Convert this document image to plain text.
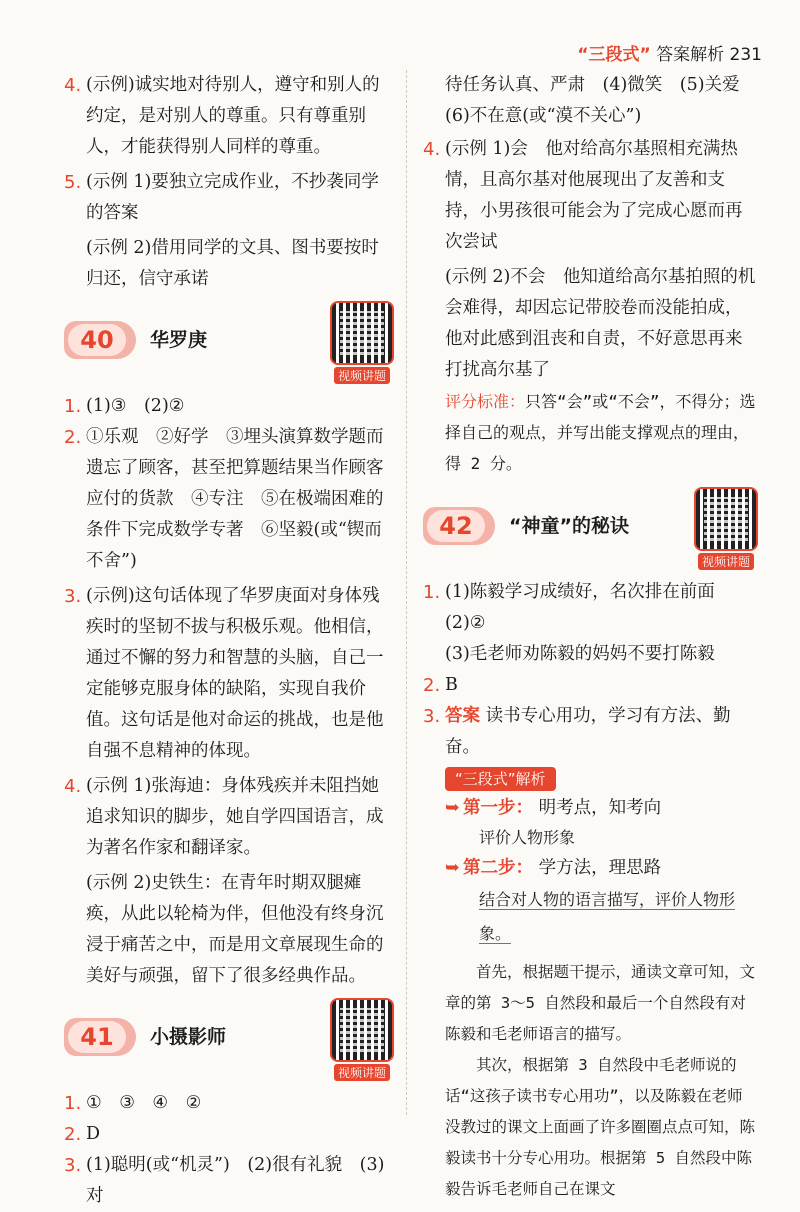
“三段式” 答案解析 231
4. (示例)诚实地对待别人，遵守和别人的约定，是对别人的尊重。只有尊重别人，才能获得别人同样的尊重。

5. (示例 1)要独立完成作业，不抄袭同学的答案

(示例 2)借用同学的文具、图书要按时归还，信守承诺

40	华罗庚
视频讲题
1. (1)③　(2)②

2. ①乐观　②好学　③埋头演算数学题而遗忘了顾客，甚至把算题结果当作顾客应付的货款　④专注　⑤在极端困难的条件下完成数学专著　⑥坚毅(或“锲而不舍”)

3. (示例)这句话体现了华罗庚面对身体残疾时的坚韧不拔与积极乐观。他相信，通过不懈的努力和智慧的头脑，自己一定能够克服身体的缺陷，实现自我价值。这句话是他对命运的挑战，也是他自强不息精神的体现。

4. (示例 1)张海迪：身体残疾并未阻挡她追求知识的脚步，她自学四国语言，成为著名作家和翻译家。

(示例 2)史铁生：在青年时期双腿瘫痪，从此以轮椅为伴，但他没有终身沉浸于痛苦之中，而是用文章展现生命的美好与顽强，留下了很多经典作品。

41	小摄影师
视频讲题
1. ①　③　④　②

2. D

3. (1)聪明(或“机灵”)　(2)很有礼貌　(3)对

待任务认真、严肃　(4)微笑　(5)关爱(6)不在意(或“漠不关心”)

4. (示例 1)会　他对给高尔基照相充满热情，且高尔基对他展现出了友善和支持，小男孩很可能会为了完成心愿而再次尝试

(示例 2)不会　他知道给高尔基拍照的机会难得，却因忘记带胶卷而没能拍成，他对此感到沮丧和自责，不好意思再来打扰高尔基了

评分标准：只答“会”或“不会”，不得分；选择自己的观点，并写出能支撑观点的理由，得 2 分。

42	“神童”的秘诀
视频讲题
1. (1)陈毅学习成绩好，名次排在前面

(2)②

(3)毛老师劝陈毅的妈妈不要打陈毅

2. B

3. 答案 读书专心用功，学习有方法、勤奋。

“三段式”解析
➥ 第一步： 明考点，知考向
评价人物形象
➥ 第二步： 学方法，理思路
结合对人物的语言描写，评价人物形象。

首先，根据题干提示，通读文章可知，文章的第 3～5 自然段和最后一个自然段有对陈毅和毛老师语言的描写。

其次，根据第 3 自然段中毛老师说的话“这孩子读书专心用功”，以及陈毅在老师没教过的课文上面画了许多圈圈点点可知，陈毅读书十分专心用功。根据第 5 自然段中陈毅告诉毛老师自己在课文
